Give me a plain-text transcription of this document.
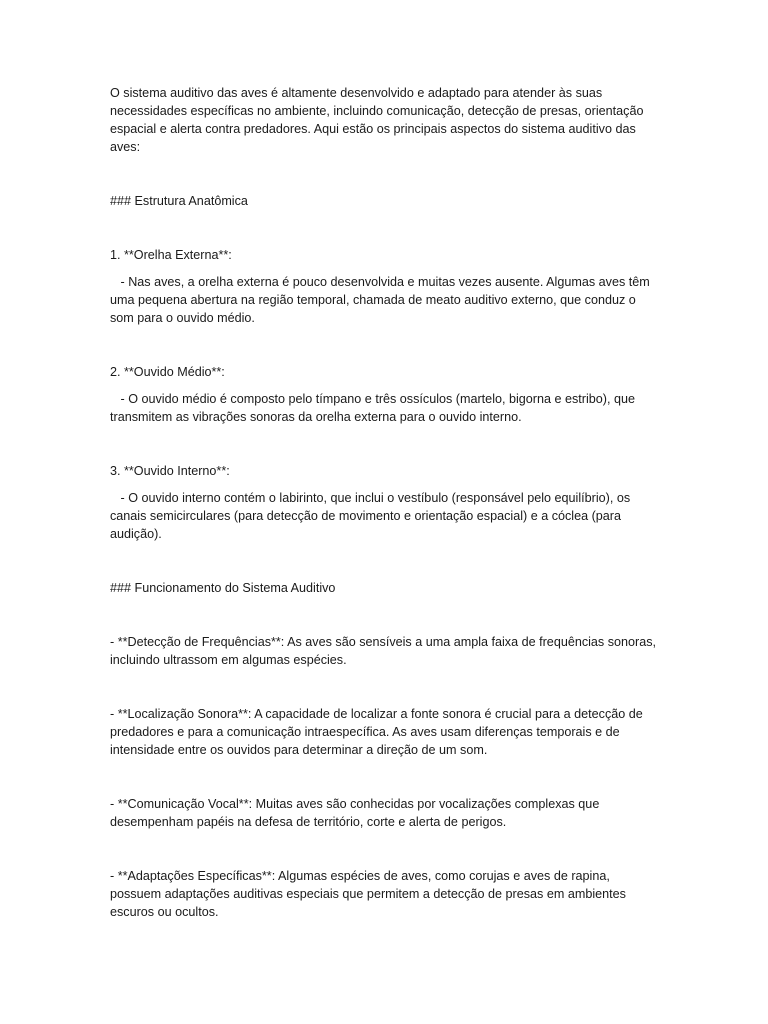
O sistema auditivo das aves é altamente desenvolvido e adaptado para atender às suas necessidades específicas no ambiente, incluindo comunicação, detecção de presas, orientação espacial e alerta contra predadores. Aqui estão os principais aspectos do sistema auditivo das aves:

### Estrutura Anatômica

1. **Orelha Externa**:

- Nas aves, a orelha externa é pouco desenvolvida e muitas vezes ausente. Algumas aves têm uma pequena abertura na região temporal, chamada de meato auditivo externo, que conduz o som para o ouvido médio.

2. **Ouvido Médio**:

- O ouvido médio é composto pelo tímpano e três ossículos (martelo, bigorna e estribo), que transmitem as vibrações sonoras da orelha externa para o ouvido interno.

3. **Ouvido Interno**:

- O ouvido interno contém o labirinto, que inclui o vestíbulo (responsável pelo equilíbrio), os canais semicirculares (para detecção de movimento e orientação espacial) e a cóclea (para audição).

### Funcionamento do Sistema Auditivo

- **Detecção de Frequências**: As aves são sensíveis a uma ampla faixa de frequências sonoras, incluindo ultrassom em algumas espécies.

- **Localização Sonora**: A capacidade de localizar a fonte sonora é crucial para a detecção de predadores e para a comunicação intraespecífica. As aves usam diferenças temporais e de intensidade entre os ouvidos para determinar a direção de um som.

- **Comunicação Vocal**: Muitas aves são conhecidas por vocalizações complexas que desempenham papéis na defesa de território, corte e alerta de perigos.

- **Adaptações Específicas**: Algumas espécies de aves, como corujas e aves de rapina, possuem adaptações auditivas especiais que permitem a detecção de presas em ambientes escuros ou ocultos.
